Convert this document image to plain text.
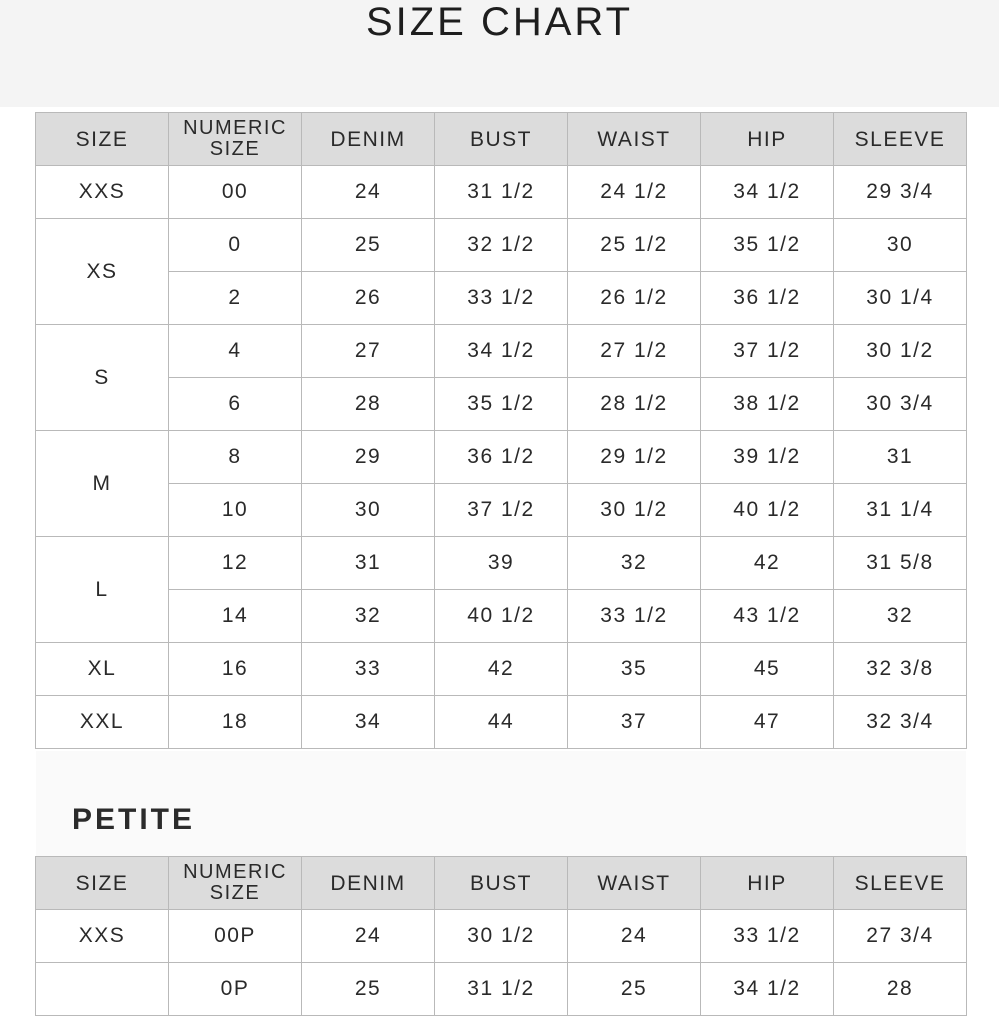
SIZE CHART
SIZE	NUMERIC SIZE	DENIM	BUST	WAIST	HIP	SLEEVE
XXS	00	24	31 1/2	24 1/2	34 1/2	29 3/4
XS	0	25	32 1/2	25 1/2	35 1/2	30
	2	26	33 1/2	26 1/2	36 1/2	30 1/4
S	4	27	34 1/2	27 1/2	37 1/2	30 1/2
	6	28	35 1/2	28 1/2	38 1/2	30 3/4
M	8	29	36 1/2	29 1/2	39 1/2	31
	10	30	37 1/2	30 1/2	40 1/2	31 1/4
L	12	31	39	32	42	31 5/8
	14	32	40 1/2	33 1/2	43 1/2	32
XL	16	33	42	35	45	32 3/8
XXL	18	34	44	37	47	32 3/4
PETITE
SIZE	NUMERIC SIZE	DENIM	BUST	WAIST	HIP	SLEEVE
XXS	00P	24	30 1/2	24	33 1/2	27 3/4
	0P	25	31 1/2	25	34 1/2	28
